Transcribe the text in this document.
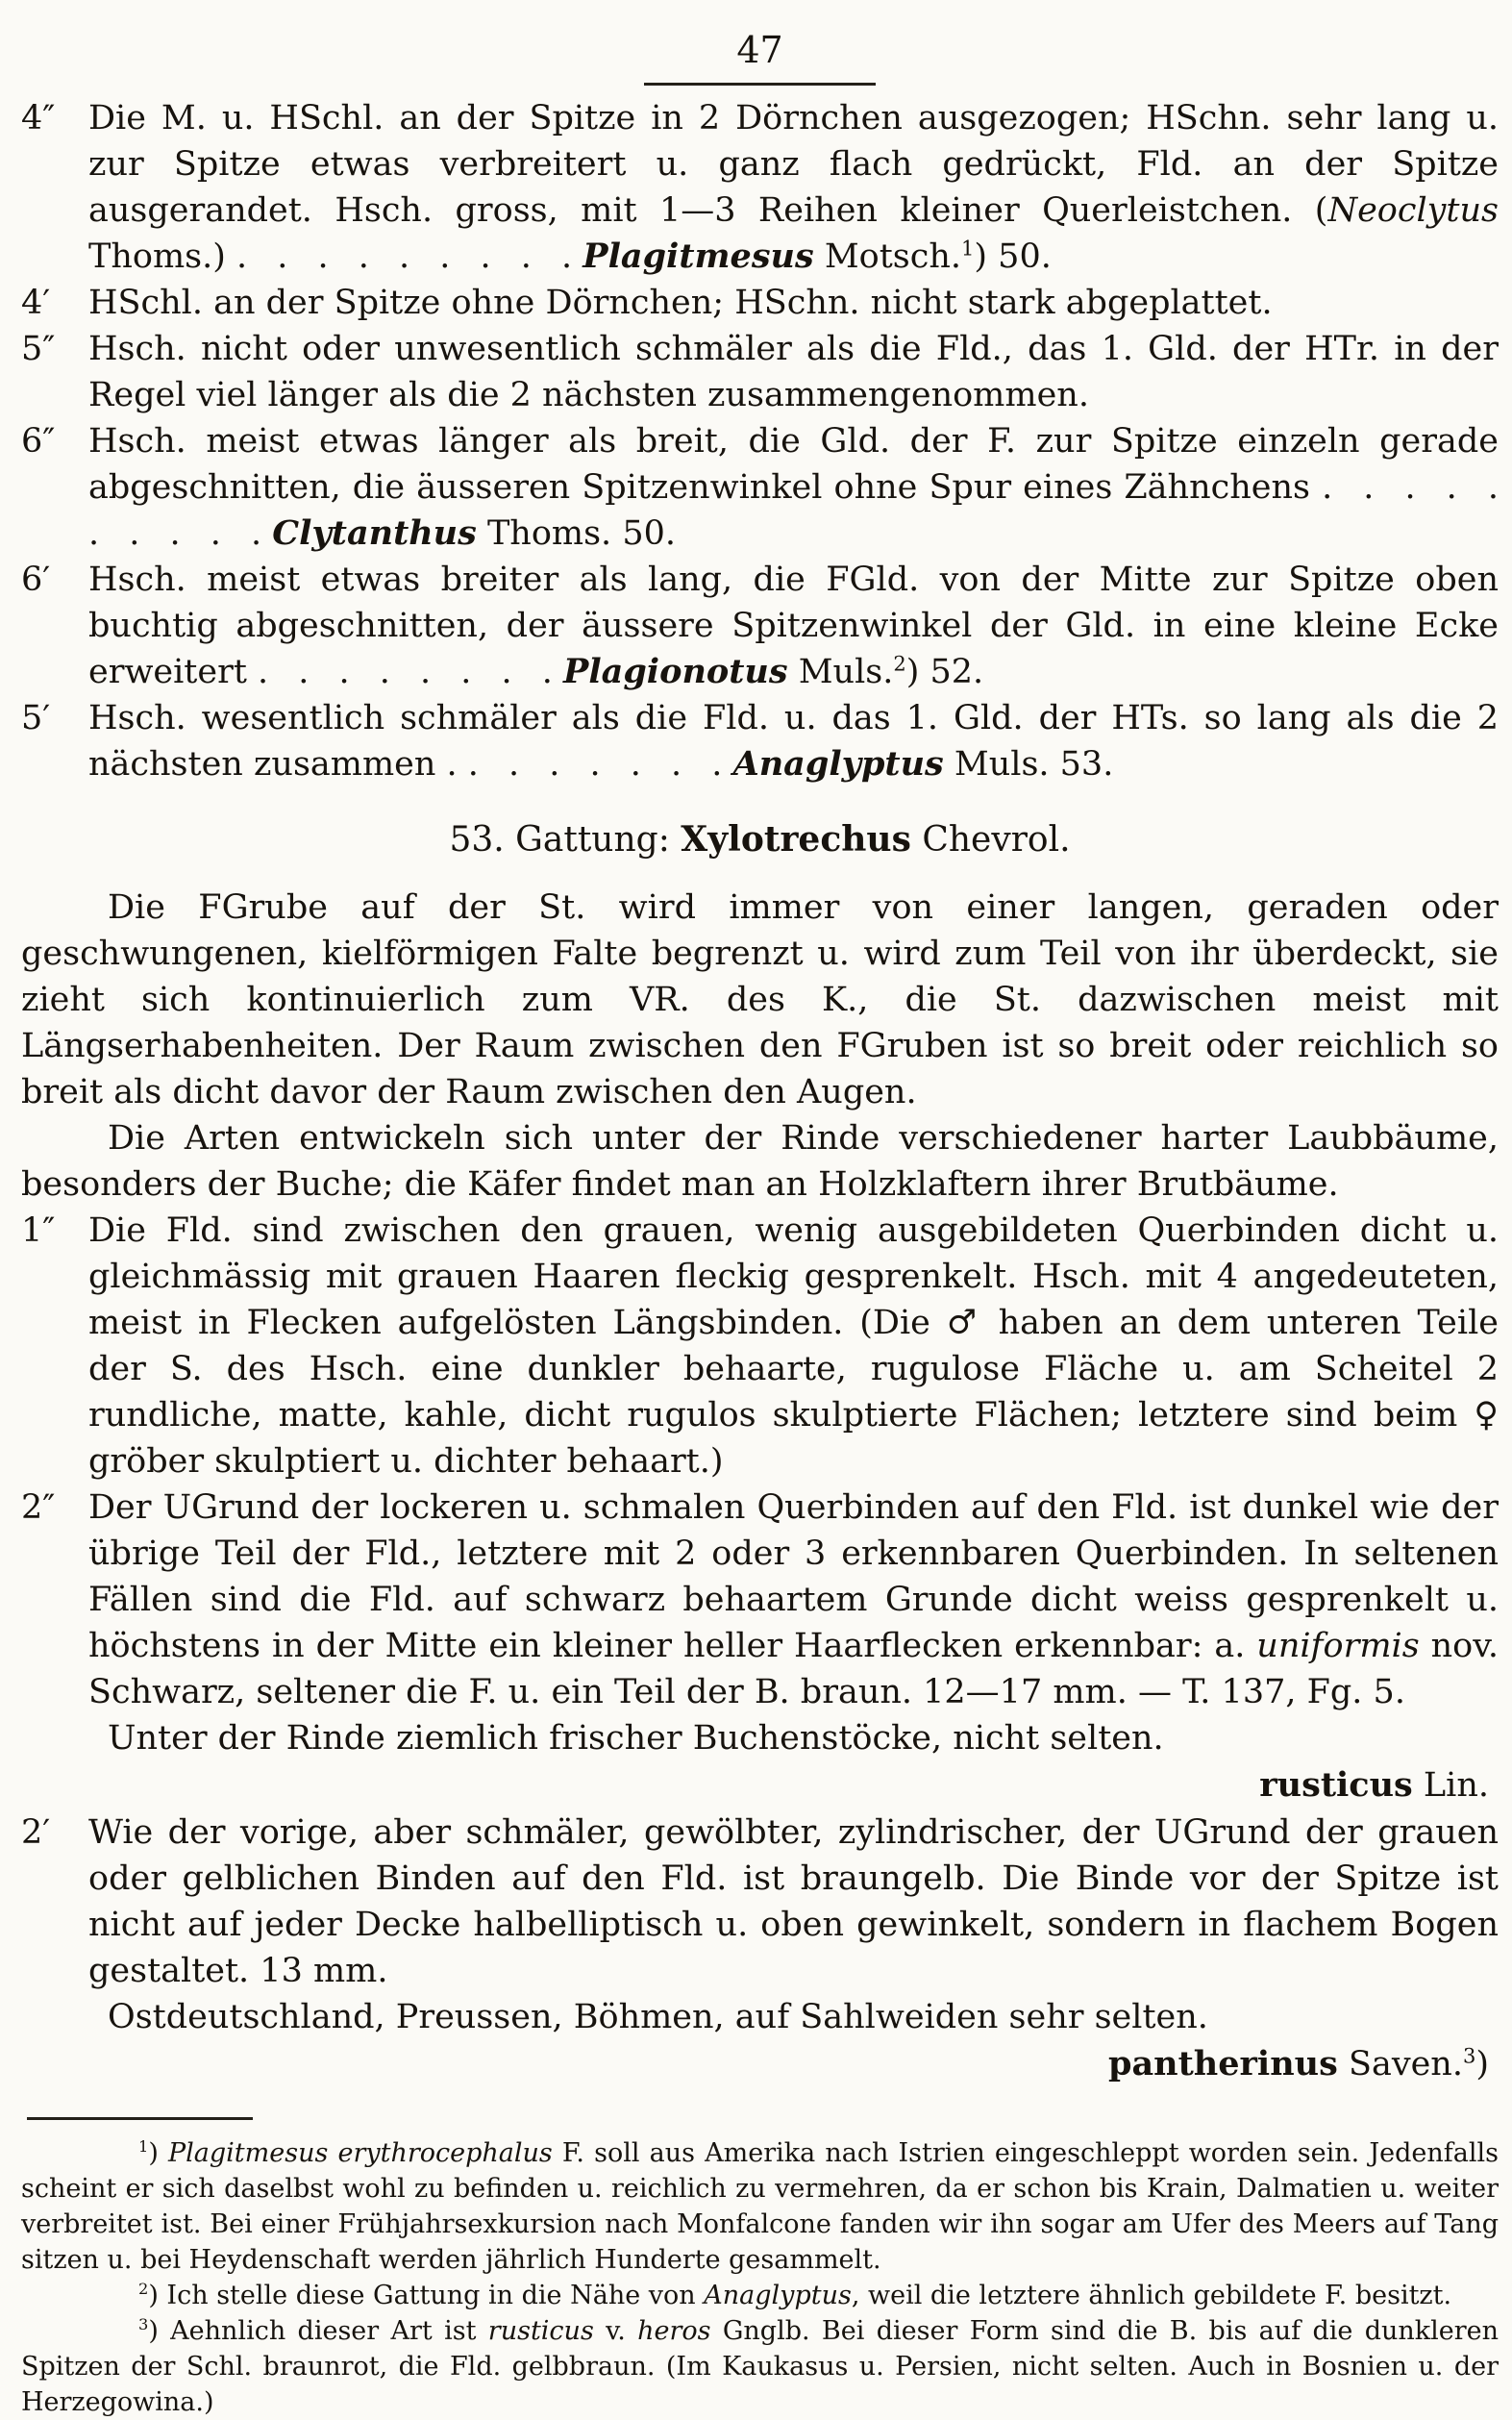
47
4″ Die M. u. HSchl. an der Spitze in 2 Dörnchen ausgezogen; HSchn. sehr lang u. zur Spitze etwas verbreitert u. ganz flach gedrückt, Fld. an der Spitze ausgerandet. Hsch. gross, mit 1—3 Reihen kleiner Querleistchen. (Neoclytus Thoms.) . . . . . . . . . Plagitmesus Motsch.$^1$) 50.
4′ HSchl. an der Spitze ohne Dörnchen; HSchn. nicht stark abgeplattet.
5″ Hsch. nicht oder unwesentlich schmäler als die Fld., das 1. Gld. der HTr. in der Regel viel länger als die 2 nächsten zusammengenommen.
6″ Hsch. meist etwas länger als breit, die Gld. der F. zur Spitze einzeln gerade abgeschnitten, die äusseren Spitzenwinkel ohne Spur eines Zähnchens . . . . . . . . . . Clytanthus Thoms. 50.
6′ Hsch. meist etwas breiter als lang, die FGld. von der Mitte zur Spitze oben buchtig abgeschnitten, der äussere Spitzenwinkel der Gld. in eine kleine Ecke erweitert . . . . . . . . Plagionotus Muls.$^2$) 52.
5′ Hsch. wesentlich schmäler als die Fld. u. das 1. Gld. der HTs. so lang als die 2 nächsten zusammen . . . . . . . . Anaglyptus Muls. 53.
53. Gattung: Xylotrechus Chevrol.

Die FGrube auf der St. wird immer von einer langen, geraden oder geschwungenen, kielförmigen Falte begrenzt u. wird zum Teil von ihr überdeckt, sie zieht sich kontinuierlich zum VR. des K., die St. dazwischen meist mit Längserhabenheiten. Der Raum zwischen den FGruben ist so breit oder reichlich so breit als dicht davor der Raum zwischen den Augen.

Die Arten entwickeln sich unter der Rinde verschiedener harter Laubbäume, besonders der Buche; die Käfer findet man an Holzklaftern ihrer Brutbäume.

1″ Die Fld. sind zwischen den grauen, wenig ausgebildeten Querbinden dicht u. gleichmässig mit grauen Haaren fleckig gesprenkelt. Hsch. mit 4 angedeuteten, meist in Flecken aufgelösten Längsbinden. (Die ♂ haben an dem unteren Teile der S. des Hsch. eine dunkler behaarte, rugulose Fläche u. am Scheitel 2 rundliche, matte, kahle, dicht rugulos skulptierte Flächen; letztere sind beim ♀ gröber skulptiert u. dichter behaart.)
2″ Der UGrund der lockeren u. schmalen Querbinden auf den Fld. ist dunkel wie der übrige Teil der Fld., letztere mit 2 oder 3 erkennbaren Querbinden. In seltenen Fällen sind die Fld. auf schwarz behaartem Grunde dicht weiss gesprenkelt u. höchstens in der Mitte ein kleiner heller Haarflecken erkennbar: a. uniformis nov. Schwarz, seltener die F. u. ein Teil der B. braun. 12—17 mm. — T. 137, Fg. 5.

Unter der Rinde ziemlich frischer Buchenstöcke, nicht selten.

rusticus Lin.

2′ Wie der vorige, aber schmäler, gewölbter, zylindrischer, der UGrund der grauen oder gelblichen Binden auf den Fld. ist braungelb. Die Binde vor der Spitze ist nicht auf jeder Decke halbelliptisch u. oben gewinkelt, sondern in flachem Bogen gestaltet. 13 mm.

Ostdeutschland, Preussen, Böhmen, auf Sahlweiden sehr selten.

pantherinus Saven.$^3$)

$^1$) Plagitmesus erythrocephalus F. soll aus Amerika nach Istrien eingeschleppt worden sein. Jedenfalls scheint er sich daselbst wohl zu befinden u. reichlich zu vermehren, da er schon bis Krain, Dalmatien u. weiter verbreitet ist. Bei einer Frühjahrsexkursion nach Monfalcone fanden wir ihn sogar am Ufer des Meers auf Tang sitzen u. bei Heydenschaft werden jährlich Hunderte gesammelt.

$^2$) Ich stelle diese Gattung in die Nähe von Anaglyptus, weil die letztere ähnlich gebildete F. besitzt.

$^3$) Aehnlich dieser Art ist rusticus v. heros Gnglb. Bei dieser Form sind die B. bis auf die dunkleren Spitzen der Schl. braunrot, die Fld. gelbbraun. (Im Kaukasus u. Persien, nicht selten. Auch in Bosnien u. der Herzegowina.)
